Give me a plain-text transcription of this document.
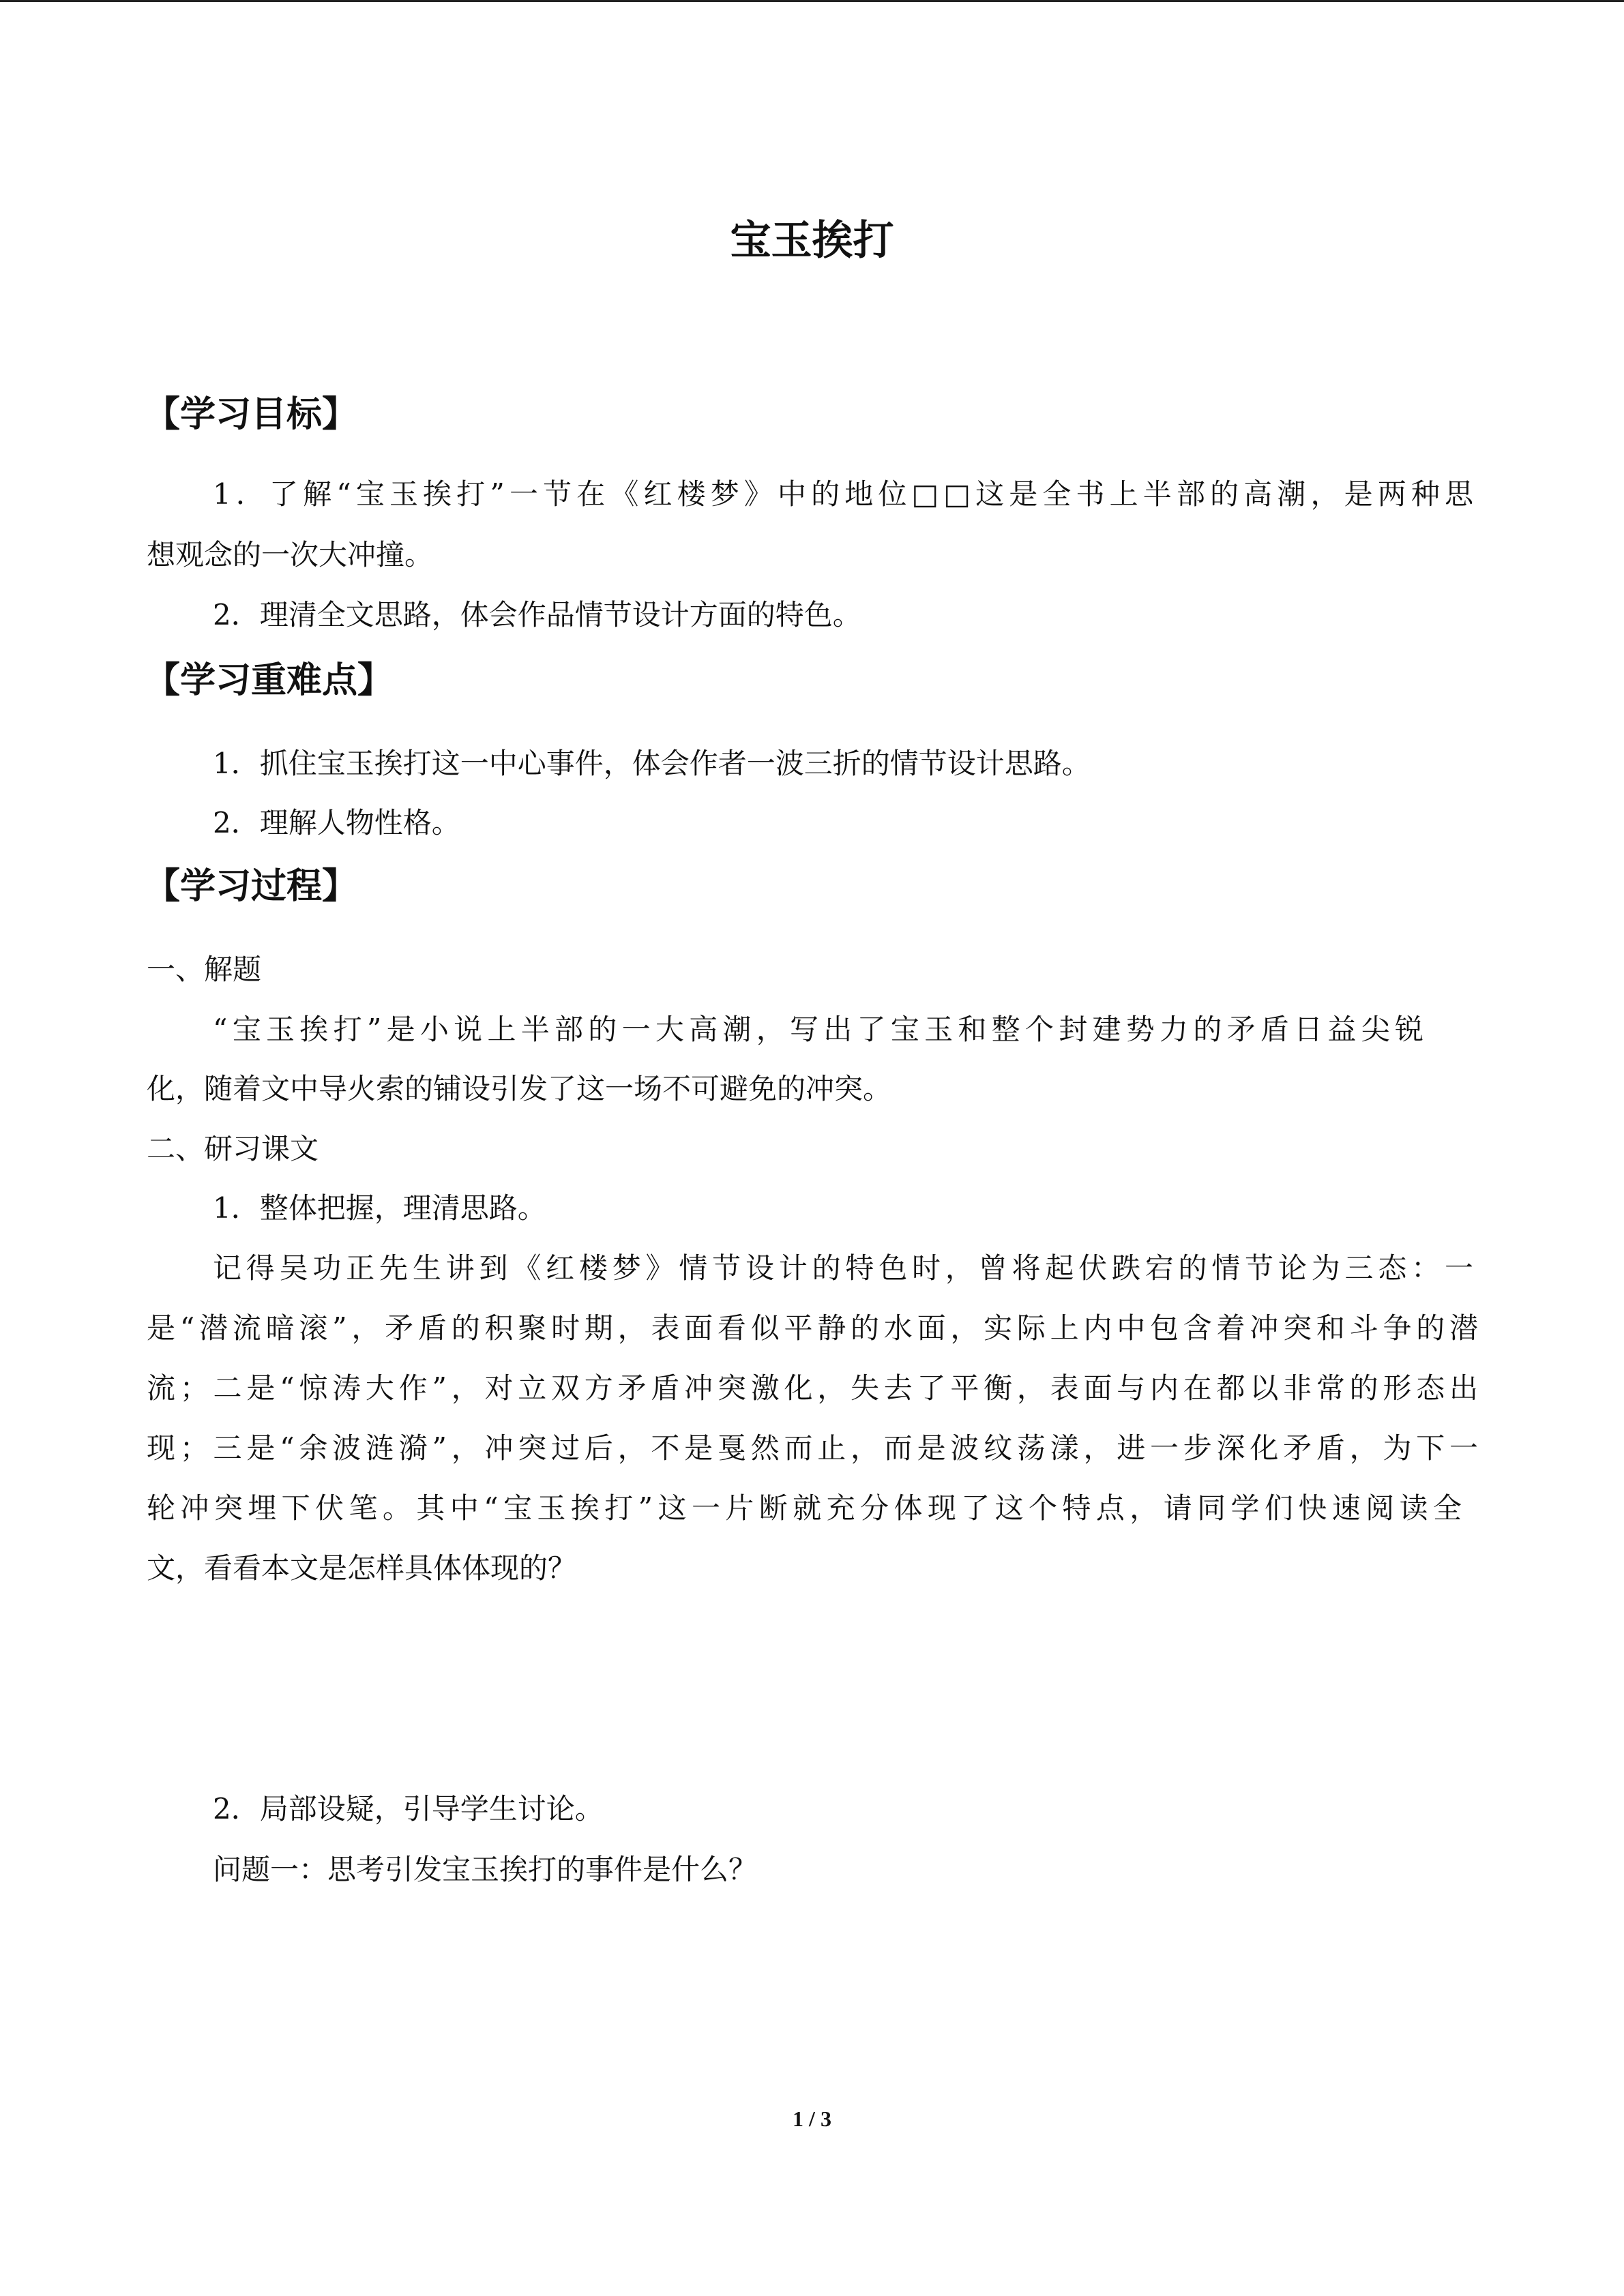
宝玉挨打
【学习目标】
1．了解“宝玉挨打”一节在《红楼梦》中的地位□□这是全书上半部的高潮，是两种思
想观念的一次大冲撞。
2．理清全文思路，体会作品情节设计方面的特色。
【学习重难点】
1．抓住宝玉挨打这一中心事件，体会作者一波三折的情节设计思路。
2．理解人物性格。
【学习过程】
一、解题
“宝玉挨打”是小说上半部的一大高潮，写出了宝玉和整个封建势力的矛盾日益尖锐
化，随着文中导火索的铺设引发了这一场不可避免的冲突。
二、研习课文
1．整体把握，理清思路。
记得吴功正先生讲到《红楼梦》情节设计的特色时，曾将起伏跌宕的情节论为三态：一
是“潜流暗滚”，矛盾的积聚时期，表面看似平静的水面，实际上内中包含着冲突和斗争的潜
流；二是“惊涛大作”，对立双方矛盾冲突激化，失去了平衡，表面与内在都以非常的形态出
现；三是“余波涟漪”，冲突过后，不是戛然而止，而是波纹荡漾，进一步深化矛盾，为下一
轮冲突埋下伏笔。其中“宝玉挨打”这一片断就充分体现了这个特点，请同学们快速阅读全
文，看看本文是怎样具体体现的？
2．局部设疑，引导学生讨论。
问题一：思考引发宝玉挨打的事件是什么？
1 / 3
